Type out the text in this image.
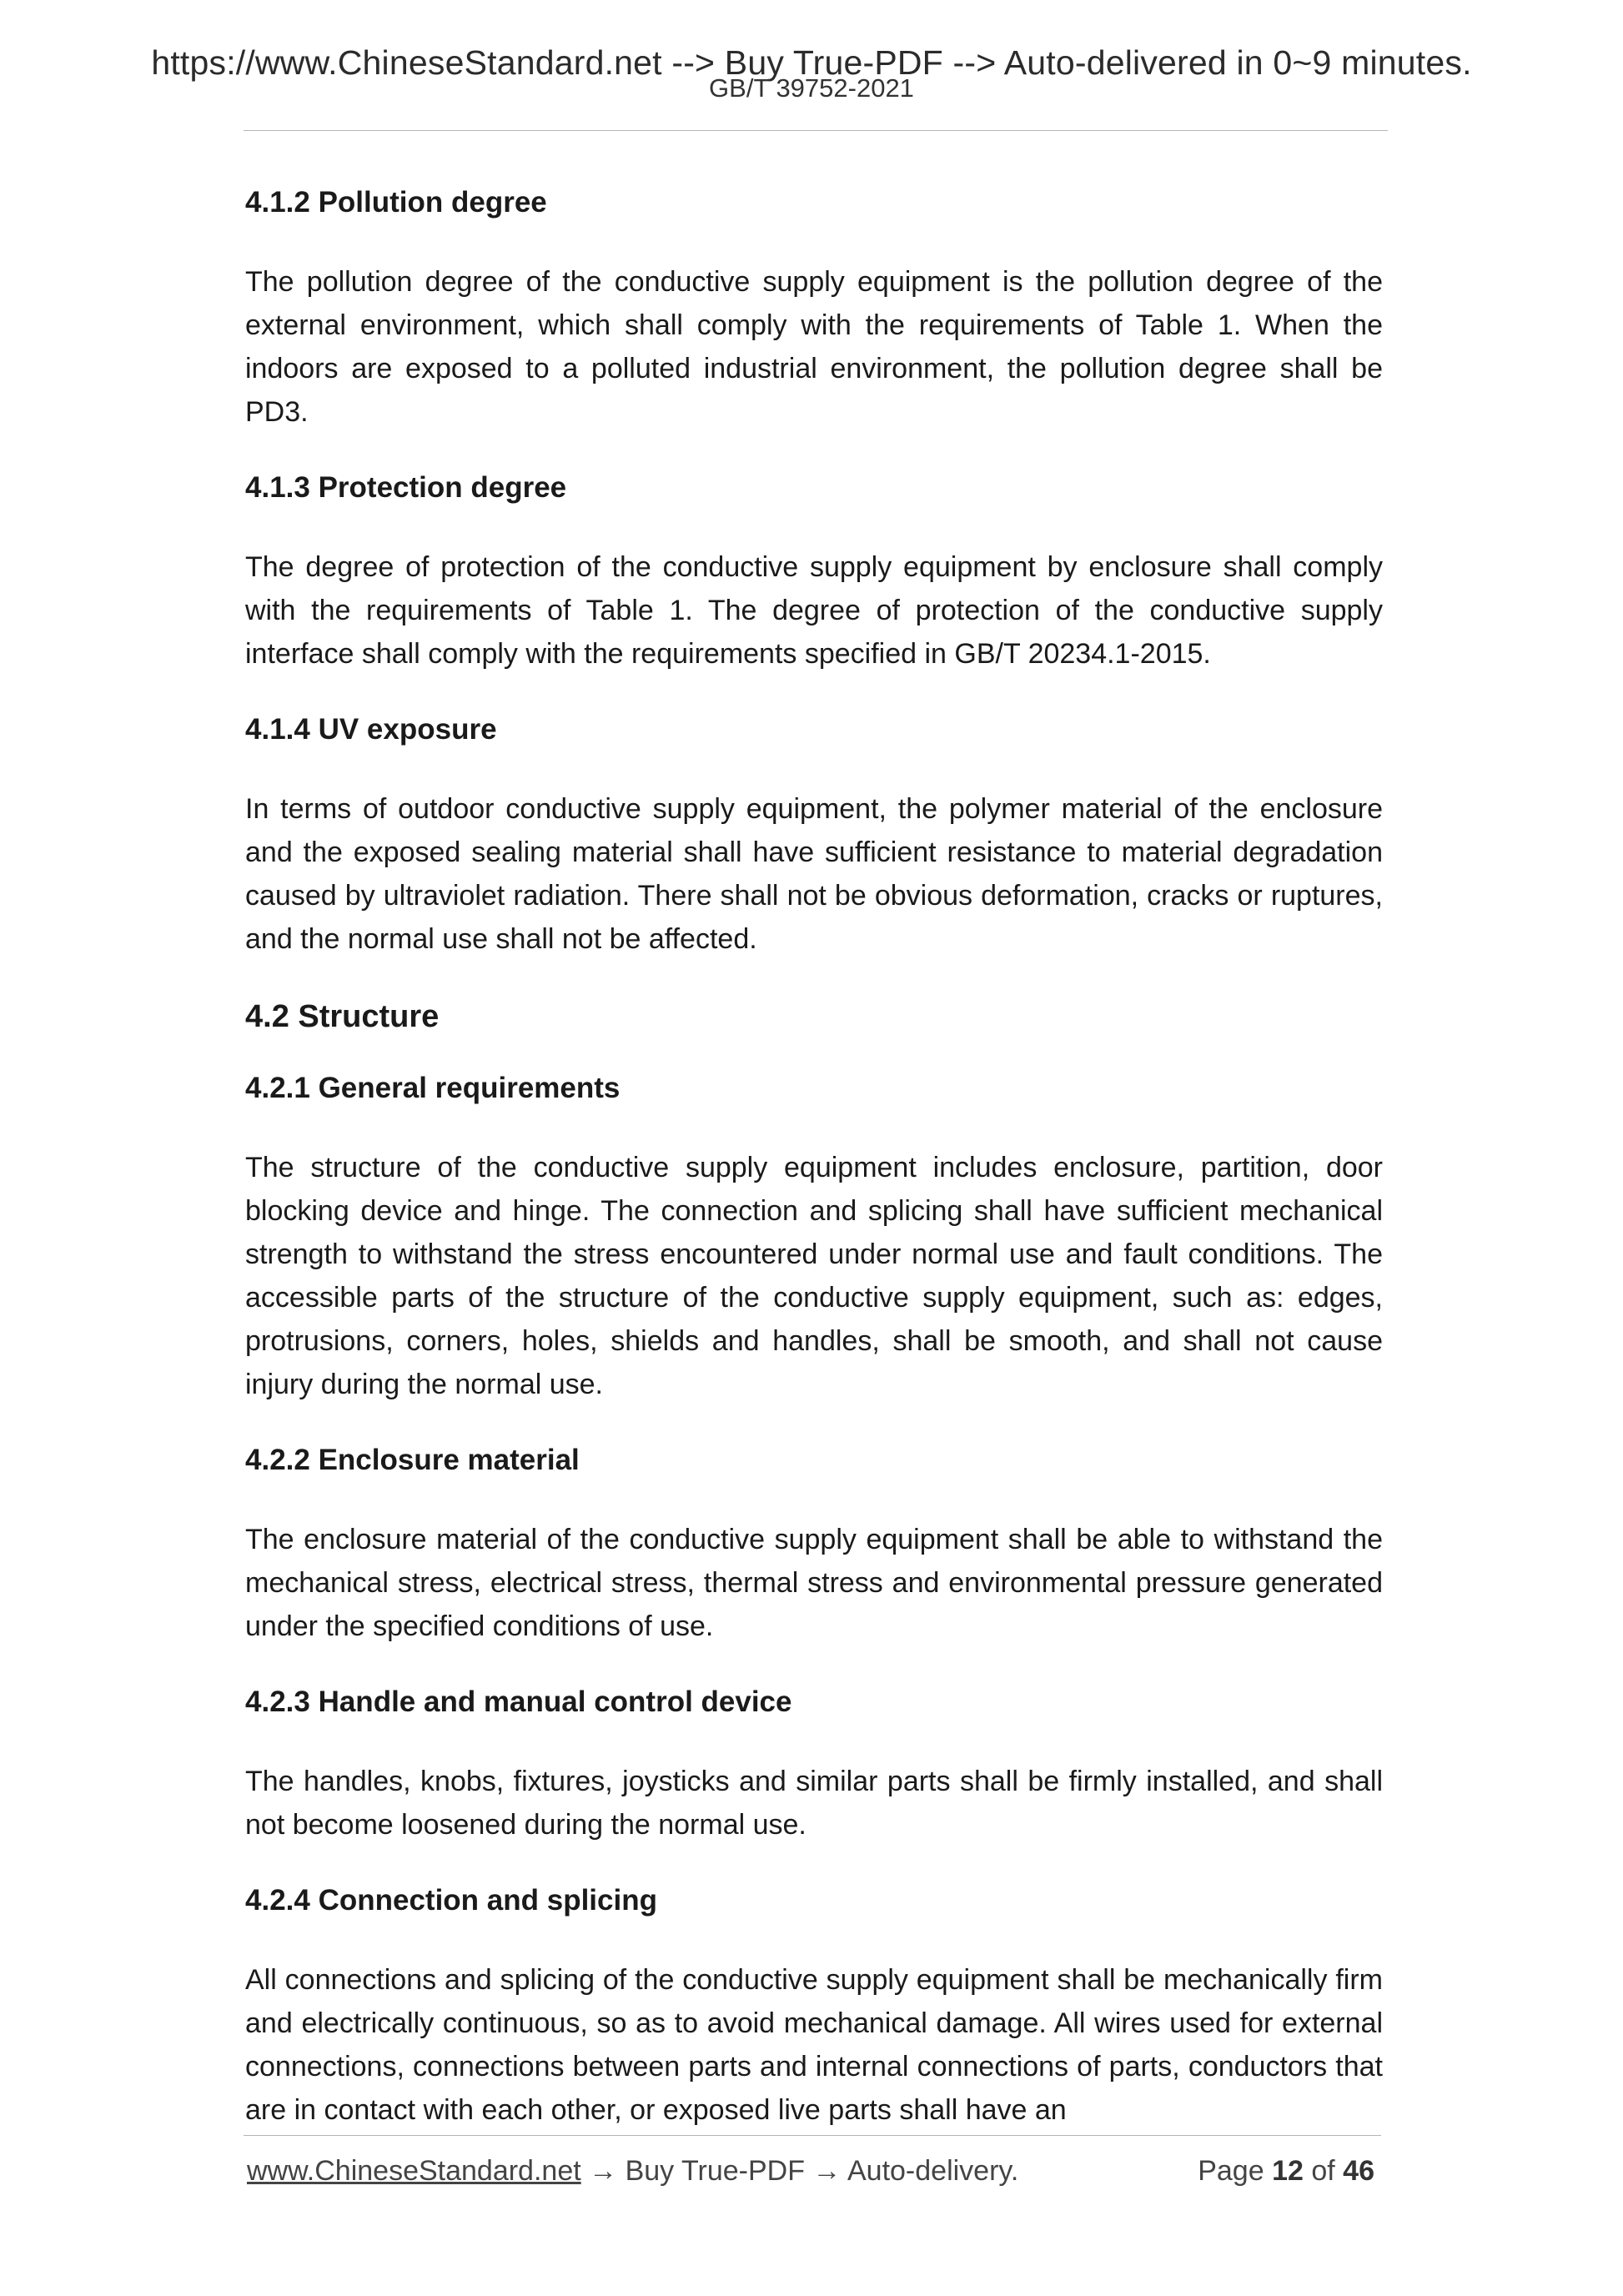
https://www.ChineseStandard.net --> Buy True-PDF --> Auto-delivered in 0~9 minutes.
GB/T 39752-2021
4.1.2 Pollution degree

The pollution degree of the conductive supply equipment is the pollution degree of the external environment, which shall comply with the requirements of Table 1. When the indoors are exposed to a polluted industrial environment, the pollution degree shall be PD3.

4.1.3 Protection degree

The degree of protection of the conductive supply equipment by enclosure shall comply with the requirements of Table 1. The degree of protection of the conductive supply interface shall comply with the requirements specified in GB/T 20234.1-2015.

4.1.4 UV exposure

In terms of outdoor conductive supply equipment, the polymer material of the enclosure and the exposed sealing material shall have sufficient resistance to material degradation caused by ultraviolet radiation. There shall not be obvious deformation, cracks or ruptures, and the normal use shall not be affected.

4.2 Structure
4.2.1 General requirements

The structure of the conductive supply equipment includes enclosure, partition, door blocking device and hinge. The connection and splicing shall have sufficient mechanical strength to withstand the stress encountered under normal use and fault conditions. The accessible parts of the structure of the conductive supply equipment, such as: edges, protrusions, corners, holes, shields and handles, shall be smooth, and shall not cause injury during the normal use.

4.2.2 Enclosure material

The enclosure material of the conductive supply equipment shall be able to withstand the mechanical stress, electrical stress, thermal stress and environmental pressure generated under the specified conditions of use.

4.2.3 Handle and manual control device

The handles, knobs, fixtures, joysticks and similar parts shall be firmly installed, and shall not become loosened during the normal use.

4.2.4 Connection and splicing

All connections and splicing of the conductive supply equipment shall be mechanically firm and electrically continuous, so as to avoid mechanical damage. All wires used for external connections, connections between parts and internal connections of parts, conductors that are in contact with each other, or exposed live parts shall have an

www.ChineseStandard.net → Buy True-PDF → Auto-delivery.	Page 12 of 46
